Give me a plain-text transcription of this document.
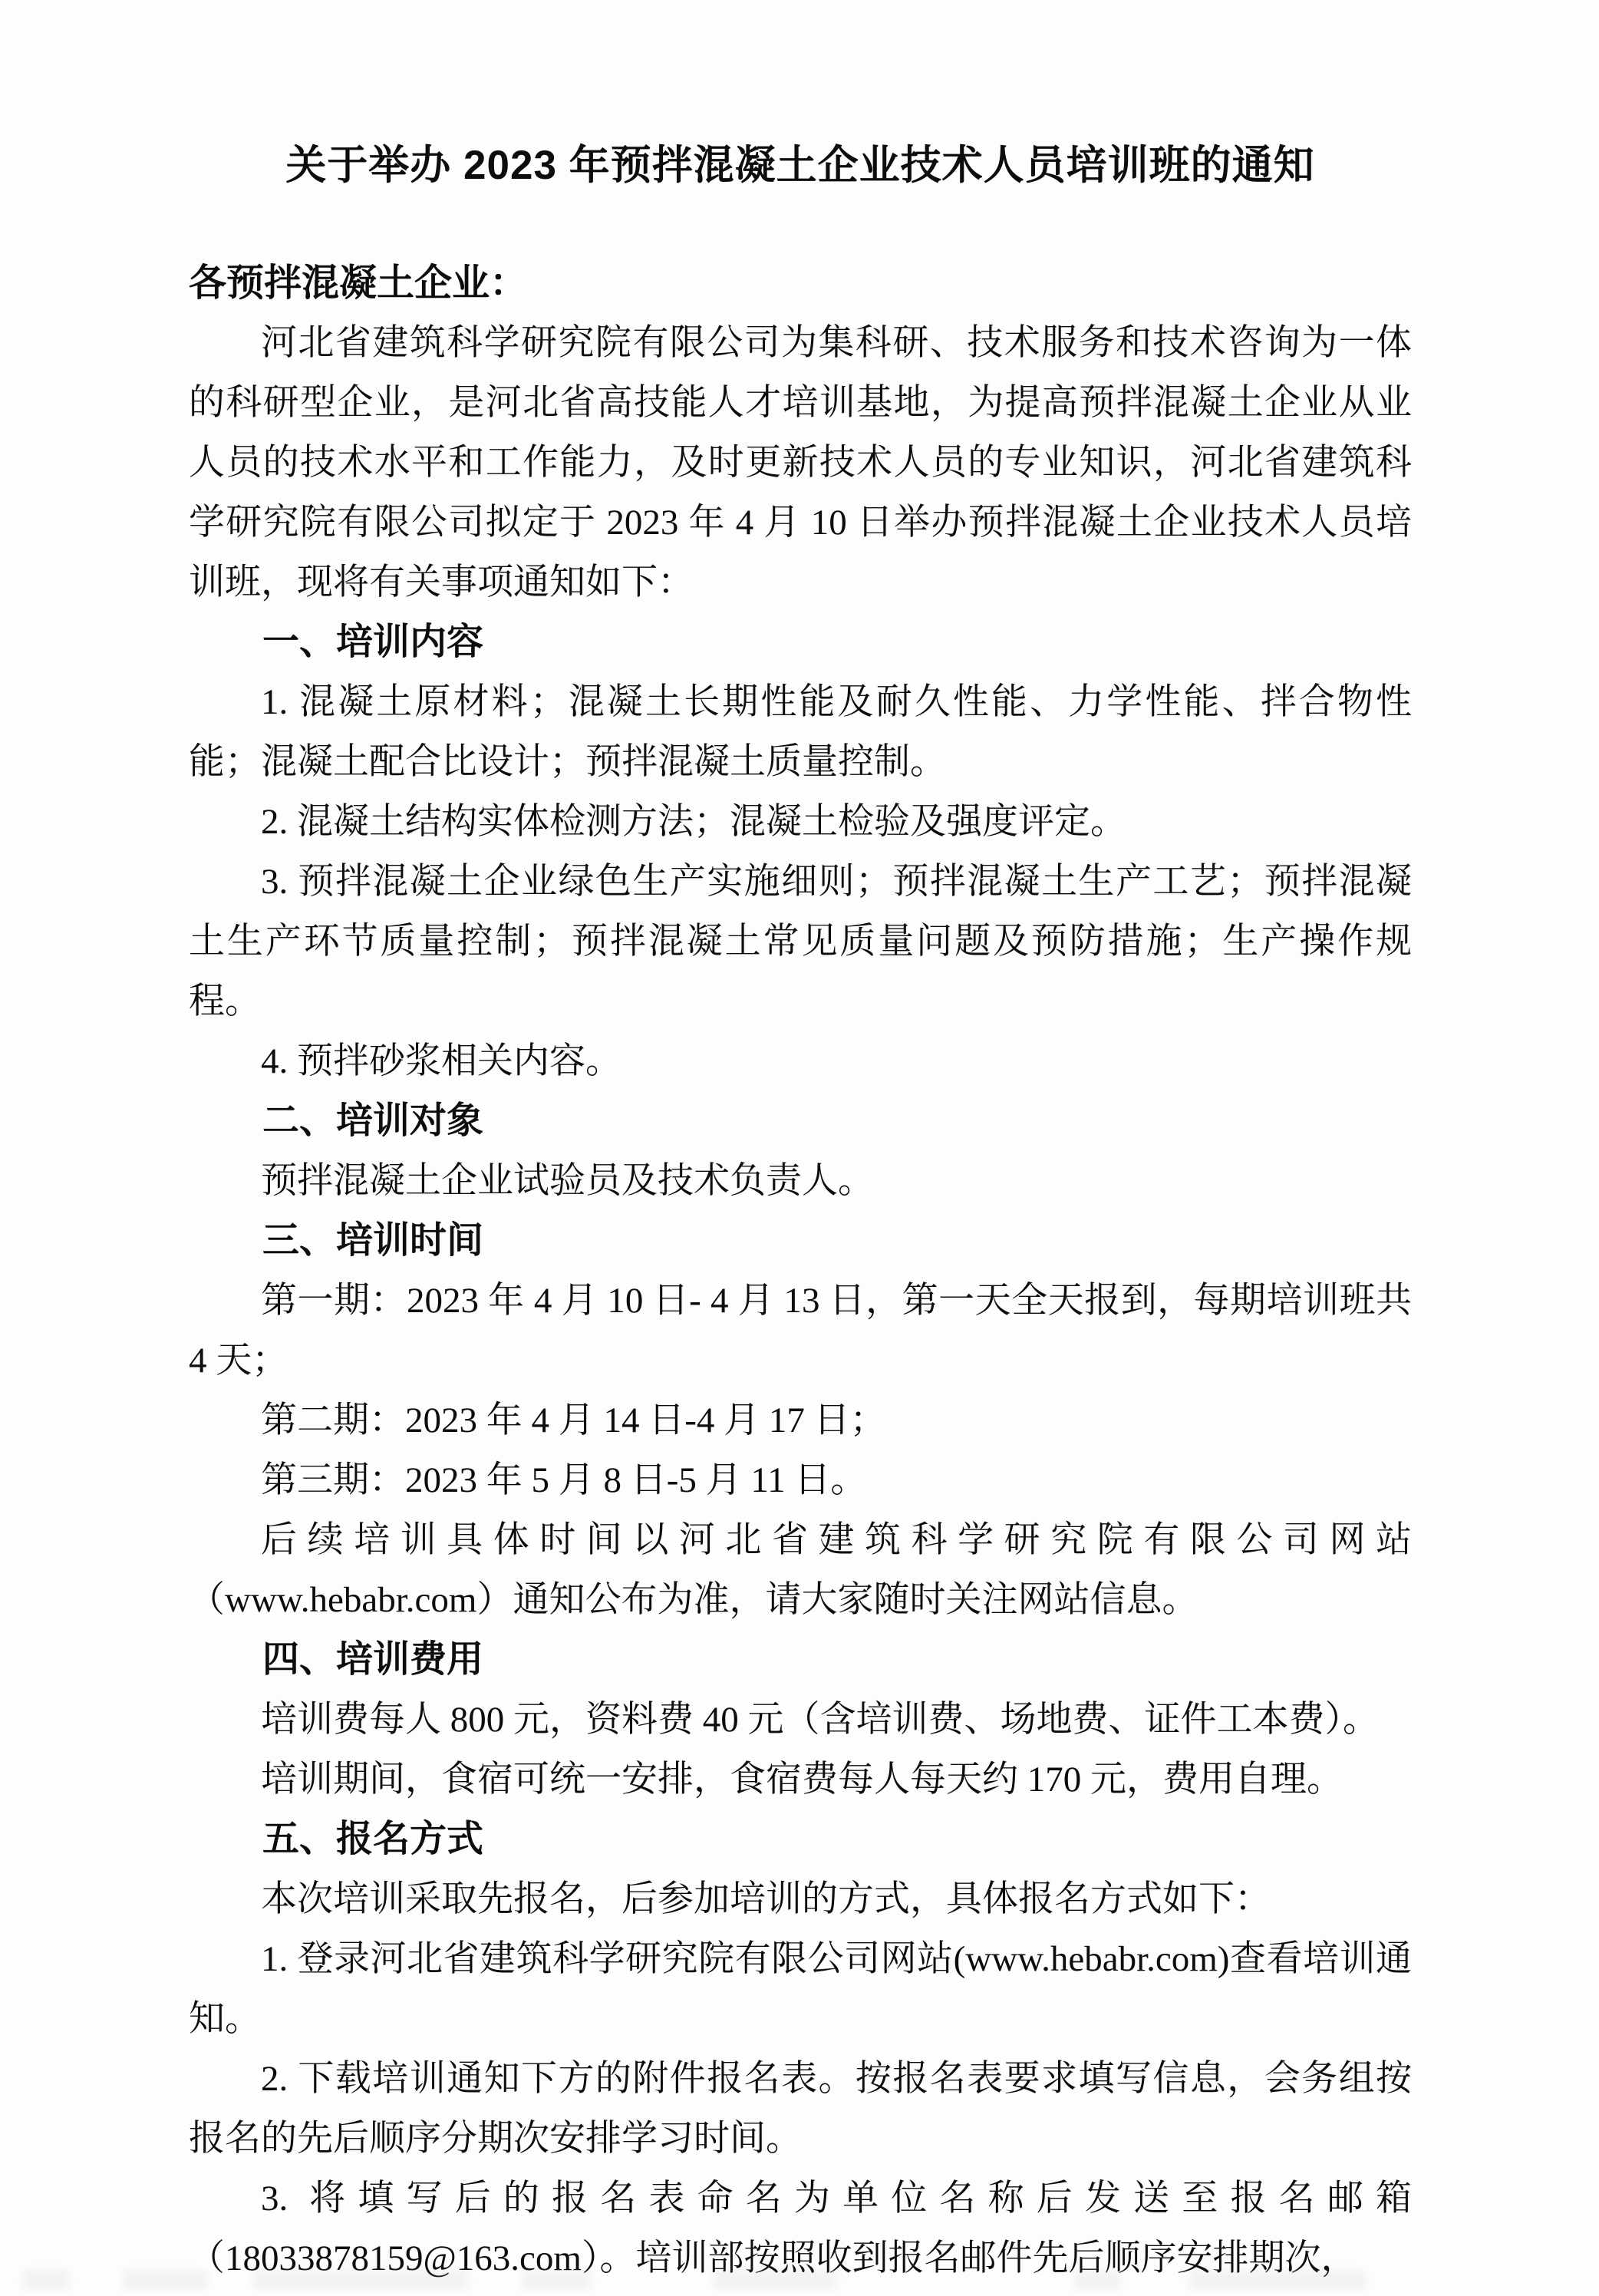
关于举办 2023 年预拌混凝土企业技术人员培训班的通知

各预拌混凝土企业：

河北省建筑科学研究院有限公司为集科研、技术服务和技术咨询为一体的科研型企业，是河北省高技能人才培训基地，为提高预拌混凝土企业从业人员的技术水平和工作能力，及时更新技术人员的专业知识，河北省建筑科学研究院有限公司拟定于 2023 年 4 月 10 日举办预拌混凝土企业技术人员培训班，现将有关事项通知如下：

一、培训内容

1. 混凝土原材料；混凝土长期性能及耐久性能、力学性能、拌合物性能；混凝土配合比设计；预拌混凝土质量控制。

2. 混凝土结构实体检测方法；混凝土检验及强度评定。

3. 预拌混凝土企业绿色生产实施细则；预拌混凝土生产工艺；预拌混凝土生产环节质量控制；预拌混凝土常见质量问题及预防措施；生产操作规程。

4. 预拌砂浆相关内容。

二、培训对象

预拌混凝土企业试验员及技术负责人。

三、培训时间

第一期：2023 年 4 月 10 日- 4 月 13 日，第一天全天报到，每期培训班共 4 天；

第二期：2023 年 4 月 14 日-4 月 17 日；

第三期：2023 年 5 月 8 日-5 月 11 日。

后续培训具体时间以河北省建筑科学研究院有限公司网站（www.hebabr.com）通知公布为准，请大家随时关注网站信息。

四、培训费用

培训费每人 800 元，资料费 40 元（含培训费、场地费、证件工本费）。

培训期间，食宿可统一安排，食宿费每人每天约 170 元，费用自理。

五、报名方式

本次培训采取先报名，后参加培训的方式，具体报名方式如下：

1. 登录河北省建筑科学研究院有限公司网站(www.hebabr.com)查看培训通知。

2. 下载培训通知下方的附件报名表。按报名表要求填写信息，会务组按报名的先后顺序分期次安排学习时间。

3. 将填写后的报名表命名为单位名称后发送至报名邮箱（18033878159@163.com）。培训部按照收到报名邮件先后顺序安排期次，
